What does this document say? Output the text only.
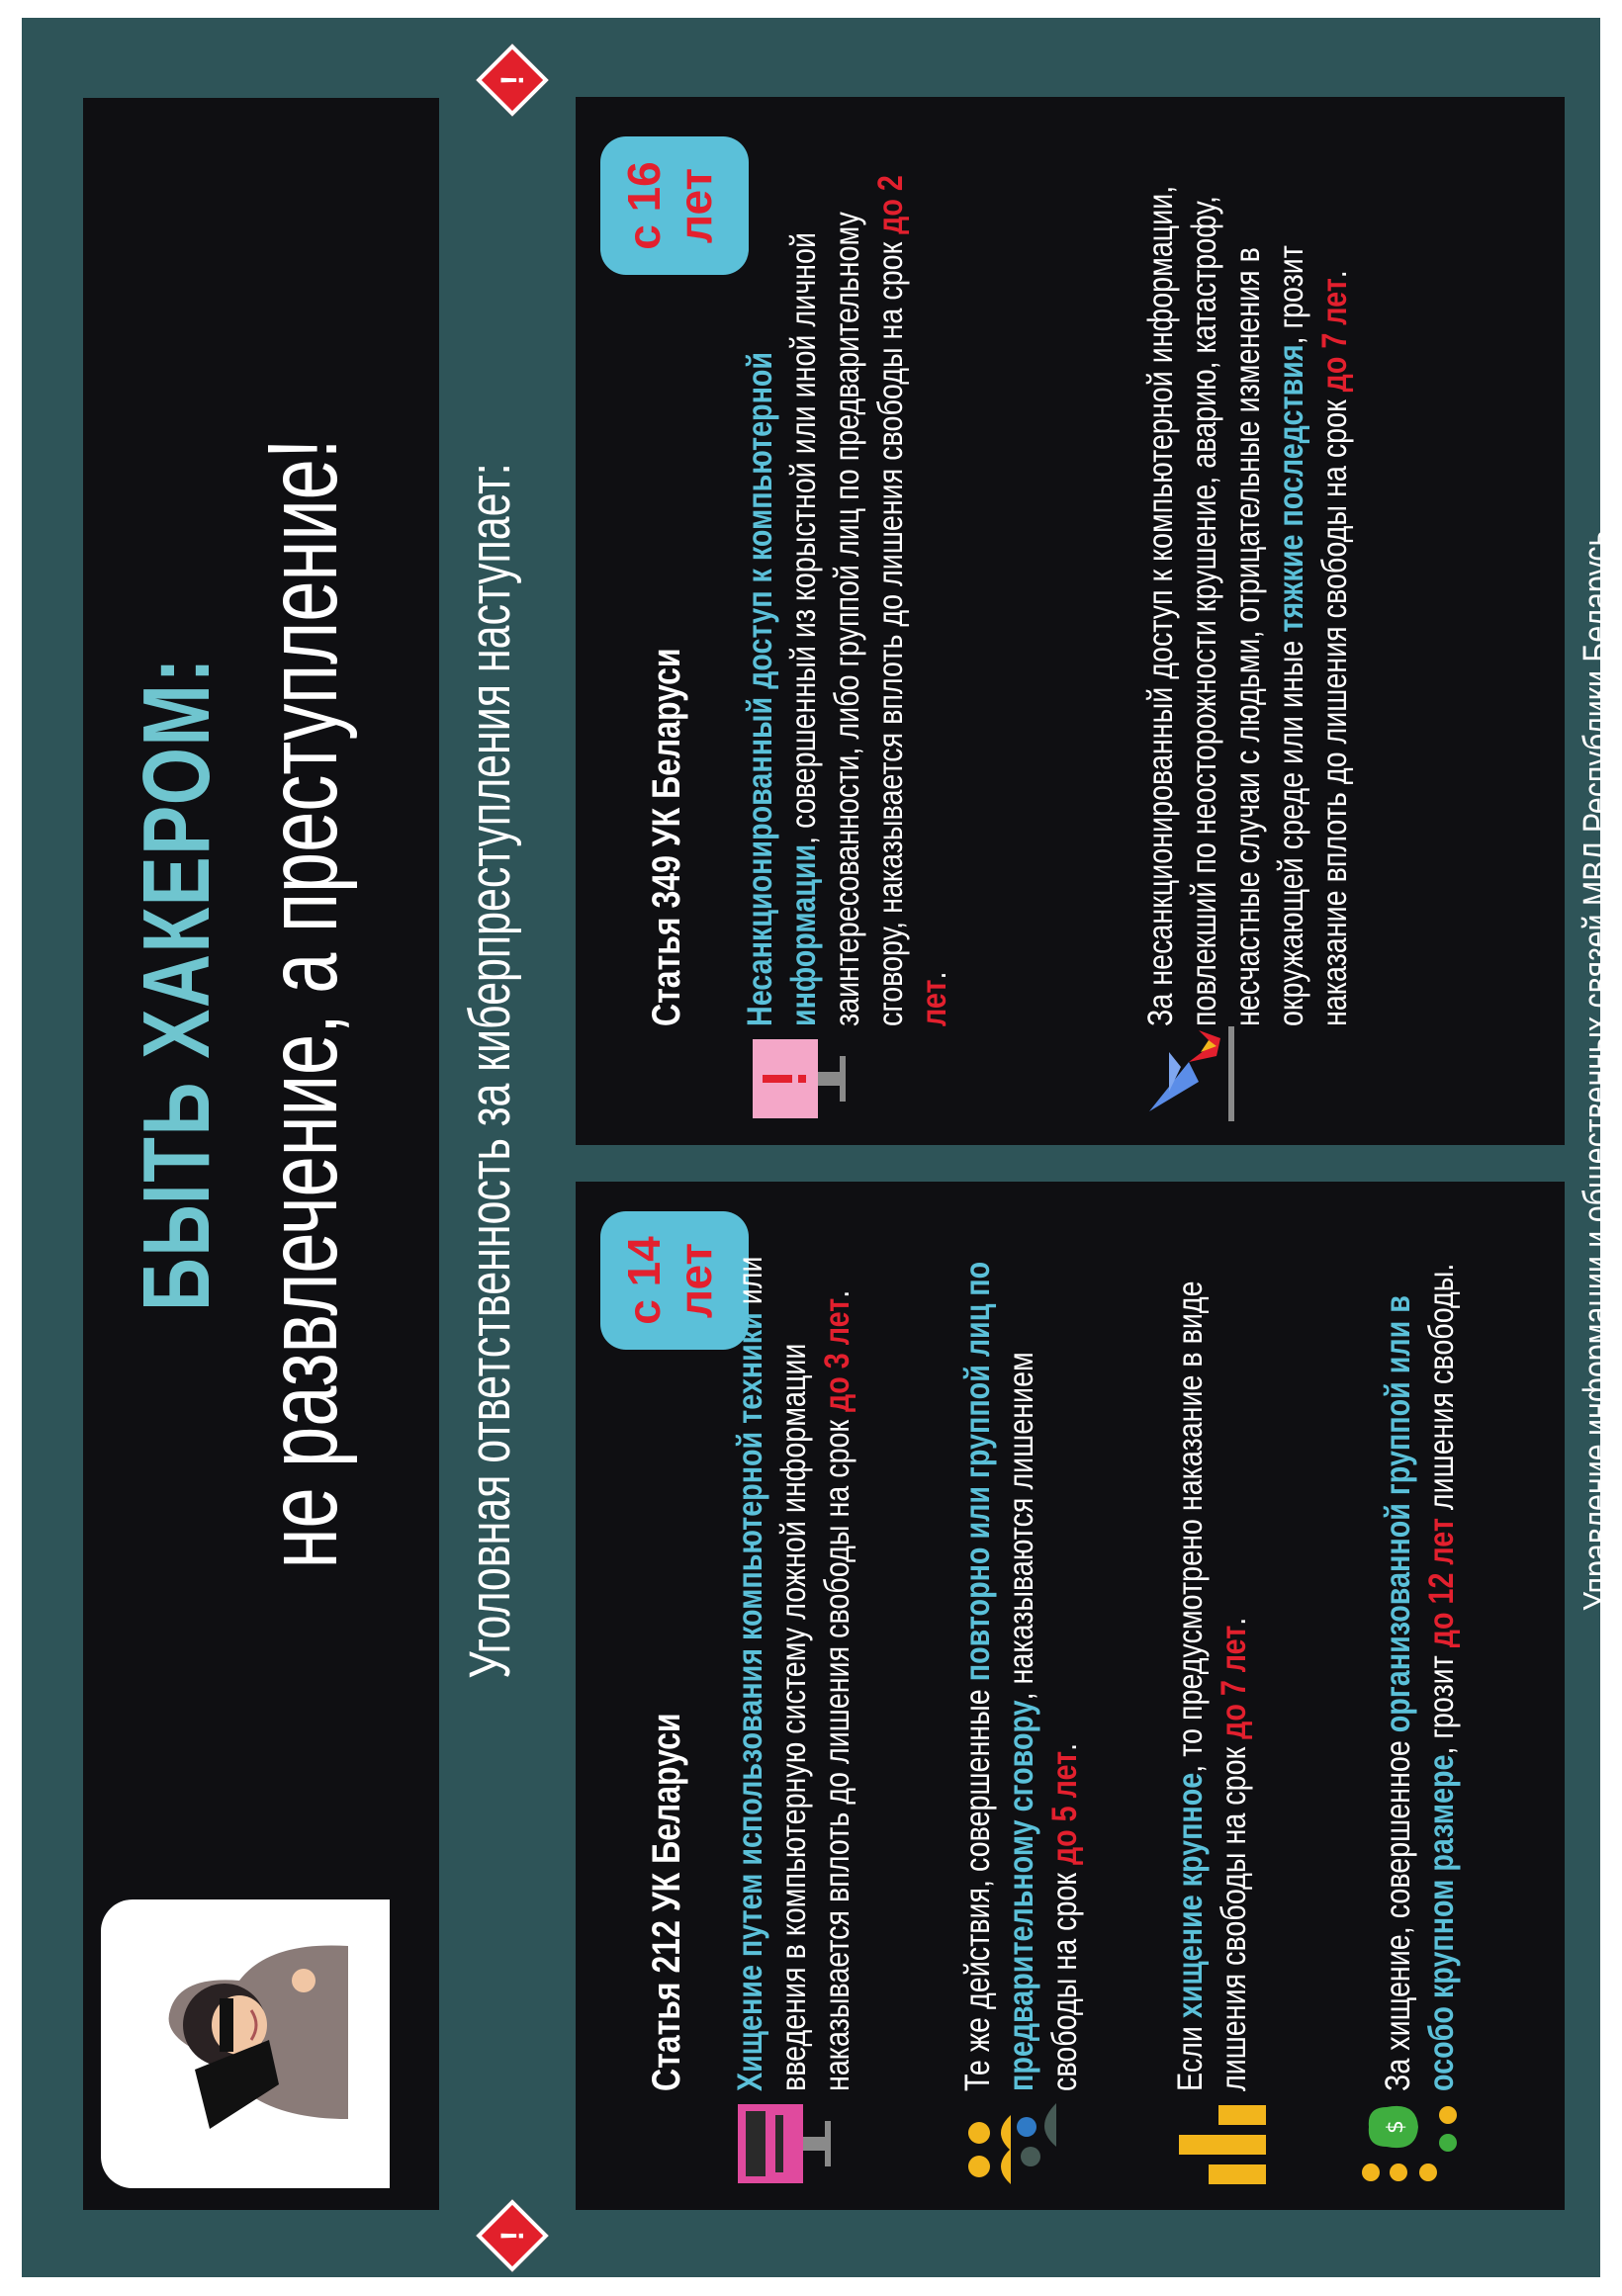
БЫТЬ ХАКЕРОМ: не развлечение, а преступление!
!
Уголовная ответственность за киберпреступления наступает:
!
Статья 212 УК Беларуси
с 14 лет
Хищение путем использования компьютерной техники или введения в компьютерную систему ложной информации наказывается вплоть до лишения свободы на срок до 3 лет.
Те же действия, совершенные повторно или группой лиц по предварительному сговору, наказываются лишением свободы на срок до 5 лет.
Если хищение крупное, то предусмотрено наказание в виде лишения свободы на срок до 7 лет.
$
За хищение, совершенное организованной группой или в особо крупном размере, грозит до 12 лет лишения свободы.
Статья 349 УК Беларуси
с 16 лет
Несанкционированный доступ к компьютерной информации, совершенный из корыстной или иной личной заинтересованности, либо группой лиц по предварительному сговору, наказывается вплоть до лишения свободы на срок до 2 лет.	За несанкционированный доступ к компьютерной информации, повлекший по неосторожности крушение, аварию, катастрофу, несчастные случаи с людьми, отрицательные изменения в окружающей среде или иные тяжкие последствия, грозит наказание вплоть до лишения свободы на срок до 7 лет.
Управление информации и общественных связей МВД Республики Беларусь
